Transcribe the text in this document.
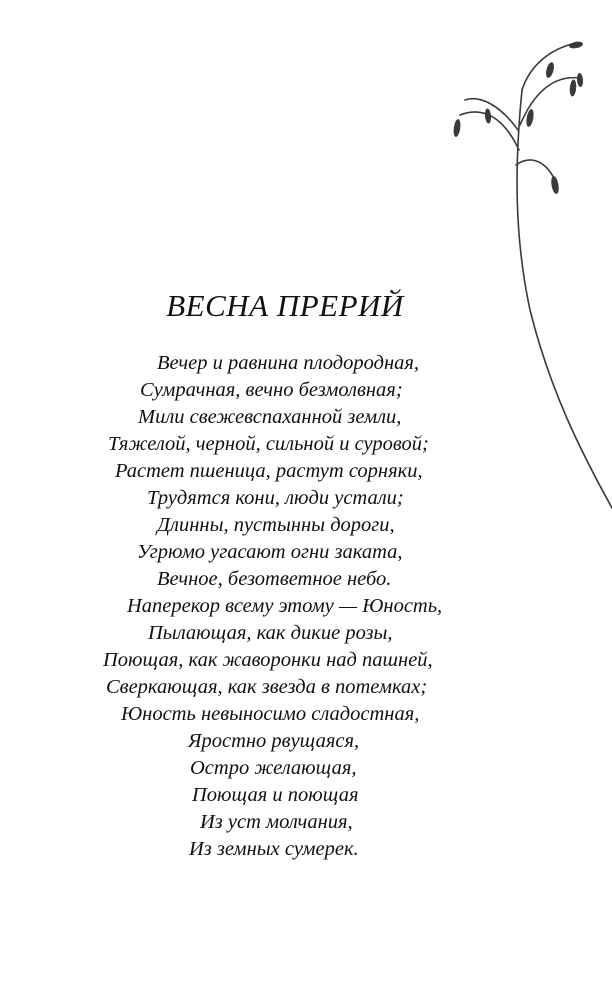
ВЕСНА ПРЕРИЙ
Вечер и равнина плодородная,
Сумрачная, вечно безмолвная;
Мили свежевспаханной земли,
Тяжелой, черной, сильной и суровой;
Растет пшеница, растут сорняки,
Трудятся кони, люди устали;
Длинны, пустынны дороги,
Угрюмо угасают огни заката,
Вечное, безответное небо.
Наперекор всему этому — Юность,
Пылающая, как дикие розы,
Поющая, как жаворонки над пашней,
Сверкающая, как звезда в потемках;
Юность невыносимо сладостная,
Яростно рвущаяся,
Остро желающая,
Поющая и поющая
Из уст молчания,
Из земных сумерек.
